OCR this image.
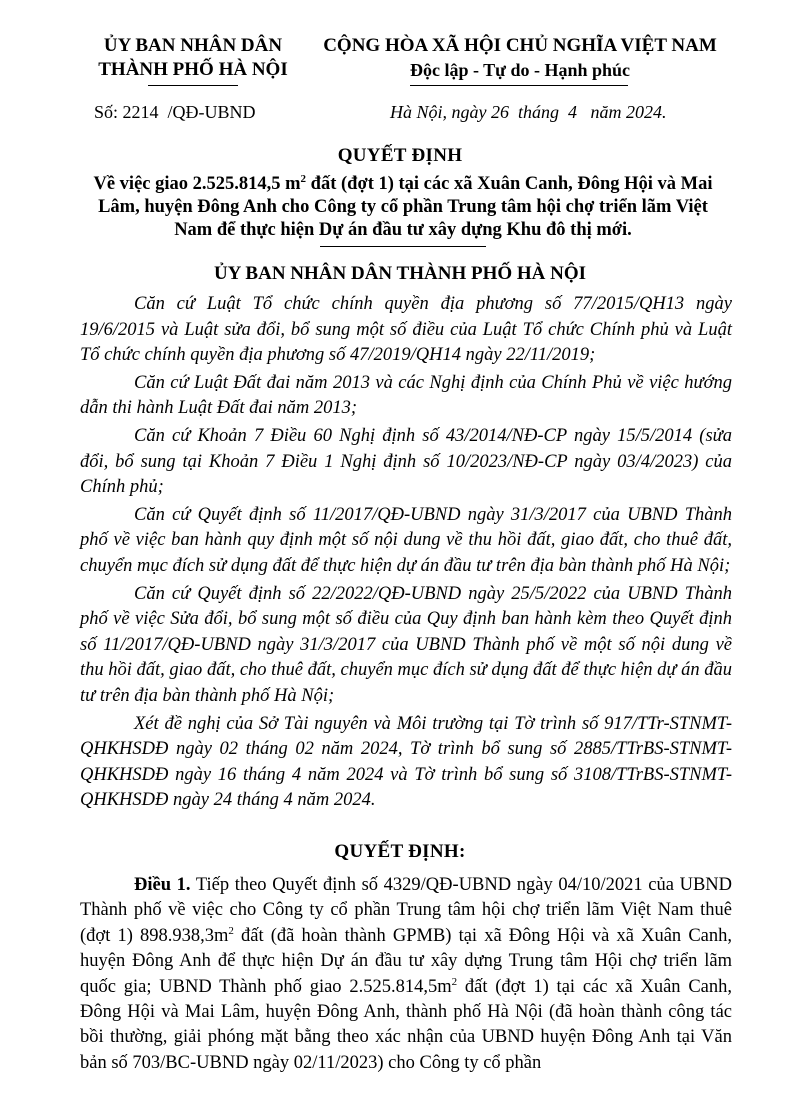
ỦY BAN NHÂN DÂN
THÀNH PHỐ HÀ NỘI
CỘNG HÒA XÃ HỘI CHỦ NGHĨA VIỆT NAM
Độc lập - Tự do - Hạnh phúc
Số: 2214  /QĐ-UBND	Hà Nội, ngày 26  tháng  4   năm 2024.
QUYẾT ĐỊNH
Về việc giao 2.525.814,5 $m^2$ đất (đợt 1) tại các xã Xuân Canh, Đông Hội và Mai Lâm, huyện Đông Anh cho Công ty cổ phần Trung tâm hội chợ triển lãm Việt Nam để thực hiện Dự án đầu tư xây dựng Khu đô thị mới.
ỦY BAN NHÂN DÂN THÀNH PHỐ HÀ NỘI

Căn cứ Luật Tổ chức chính quyền địa phương số 77/2015/QH13 ngày 19/6/2015 và Luật sửa đổi, bổ sung một số điều của Luật Tổ chức Chính phủ và Luật Tổ chức chính quyền địa phương số 47/2019/QH14 ngày 22/11/2019;

Căn cứ Luật Đất đai năm 2013 và các Nghị định của Chính Phủ về việc hướng dẫn thi hành Luật Đất đai năm 2013;

Căn cứ Khoản 7 Điều 60 Nghị định số 43/2014/NĐ-CP ngày 15/5/2014 (sửa đổi, bổ sung tại Khoản 7 Điều 1 Nghị định số 10/2023/NĐ-CP ngày 03/4/2023) của Chính phủ;

Căn cứ Quyết định số 11/2017/QĐ-UBND ngày 31/3/2017 của UBND Thành phố về việc ban hành quy định một số nội dung về thu hồi đất, giao đất, cho thuê đất, chuyển mục đích sử dụng đất để thực hiện dự án đầu tư trên địa bàn thành phố Hà Nội;

Căn cứ Quyết định số 22/2022/QĐ-UBND ngày 25/5/2022 của UBND Thành phố về việc Sửa đổi, bổ sung một số điều của Quy định ban hành kèm theo Quyết định số 11/2017/QĐ-UBND ngày 31/3/2017 của UBND Thành phố về một số nội dung về thu hồi đất, giao đất, cho thuê đất, chuyển mục đích sử dụng đất để thực hiện dự án đầu tư trên địa bàn thành phố Hà Nội;

Xét đề nghị của Sở Tài nguyên và Môi trường tại Tờ trình số 917/TTr-STNMT-QHKHSDĐ ngày 02 tháng 02 năm 2024, Tờ trình bổ sung số 2885/TTrBS-STNMT-QHKHSDĐ ngày 16 tháng 4 năm 2024 và Tờ trình bổ sung số 3108/TTrBS-STNMT-QHKHSDĐ ngày 24 tháng 4 năm 2024.

QUYẾT ĐỊNH:
Điều 1. Tiếp theo Quyết định số 4329/QĐ-UBND ngày 04/10/2021 của UBND Thành phố về việc cho Công ty cổ phần Trung tâm hội chợ triển lãm Việt Nam thuê (đợt 1) $898.938,3m^2$ đất (đã hoàn thành GPMB) tại xã Đông Hội và xã Xuân Canh, huyện Đông Anh để thực hiện Dự án đầu tư xây dựng Trung tâm Hội chợ triển lãm quốc gia; UBND Thành phố giao $2.525.814,5m^2$ đất (đợt 1) tại các xã Xuân Canh, Đông Hội và Mai Lâm, huyện Đông Anh, thành phố Hà Nội (đã hoàn thành công tác bồi thường, giải phóng mặt bằng theo xác nhận của UBND huyện Đông Anh tại Văn bản số 703/BC-UBND ngày 02/11/2023) cho Công ty cổ phần
